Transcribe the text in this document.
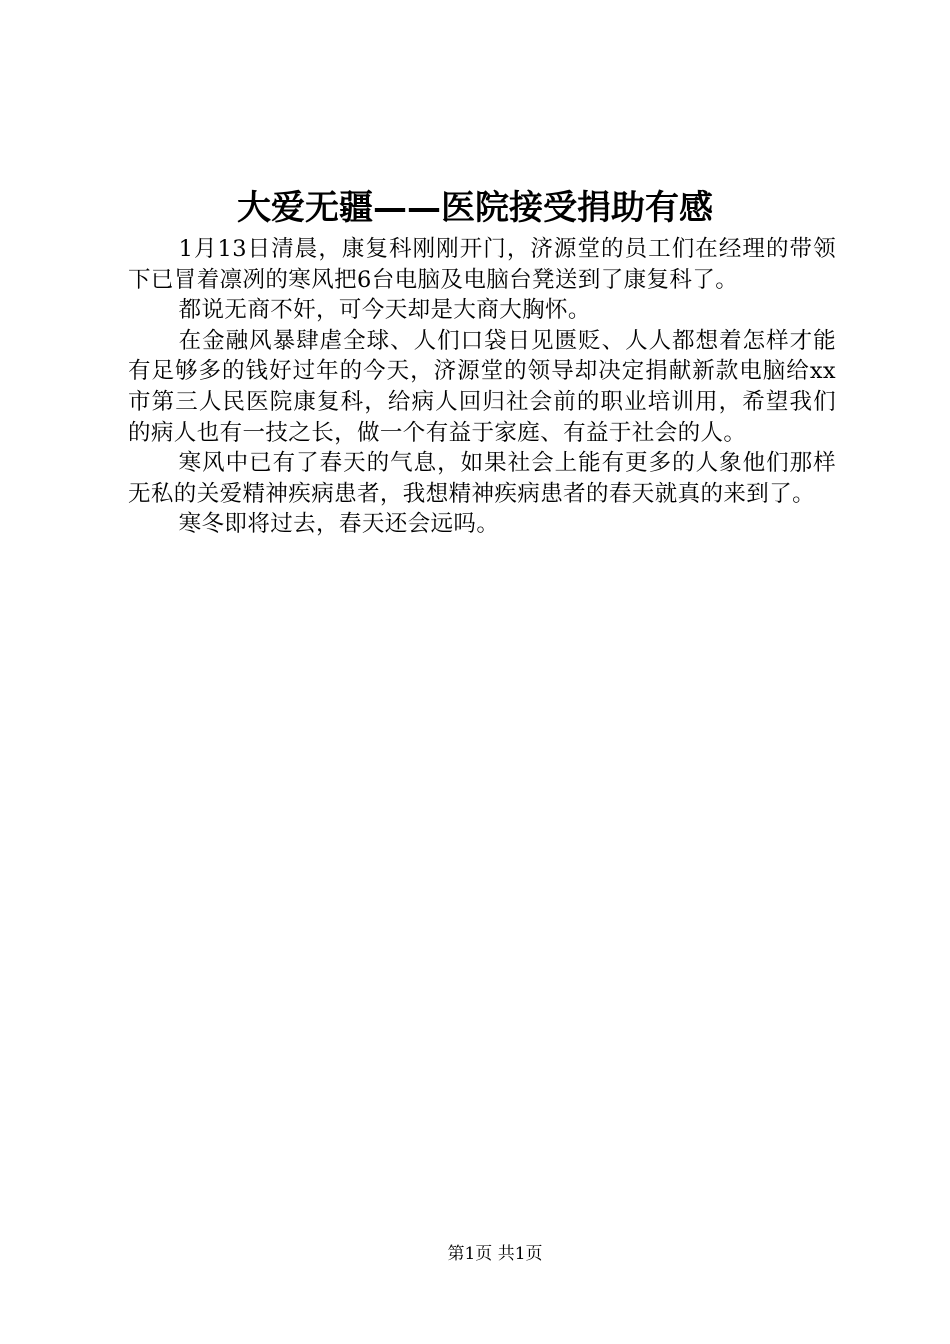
大爱无疆——医院接受捐助有感

1月13日清晨，康复科刚刚开门，济源堂的员工们在经理的带领下已冒着凛冽的寒风把6台电脑及电脑台凳送到了康复科了。

都说无商不奸，可今天却是大商大胸怀。

在金融风暴肆虐全球、人们口袋日见匮贬、人人都想着怎样才能有足够多的钱好过年的今天，济源堂的领导却决定捐献新款电脑给xx市第三人民医院康复科，给病人回归社会前的职业培训用，希望我们的病人也有一技之长，做一个有益于家庭、有益于社会的人。

寒风中已有了春天的气息，如果社会上能有更多的人象他们那样无私的关爱精神疾病患者，我想精神疾病患者的春天就真的来到了。

寒冬即将过去，春天还会远吗。

第1页 共1页
